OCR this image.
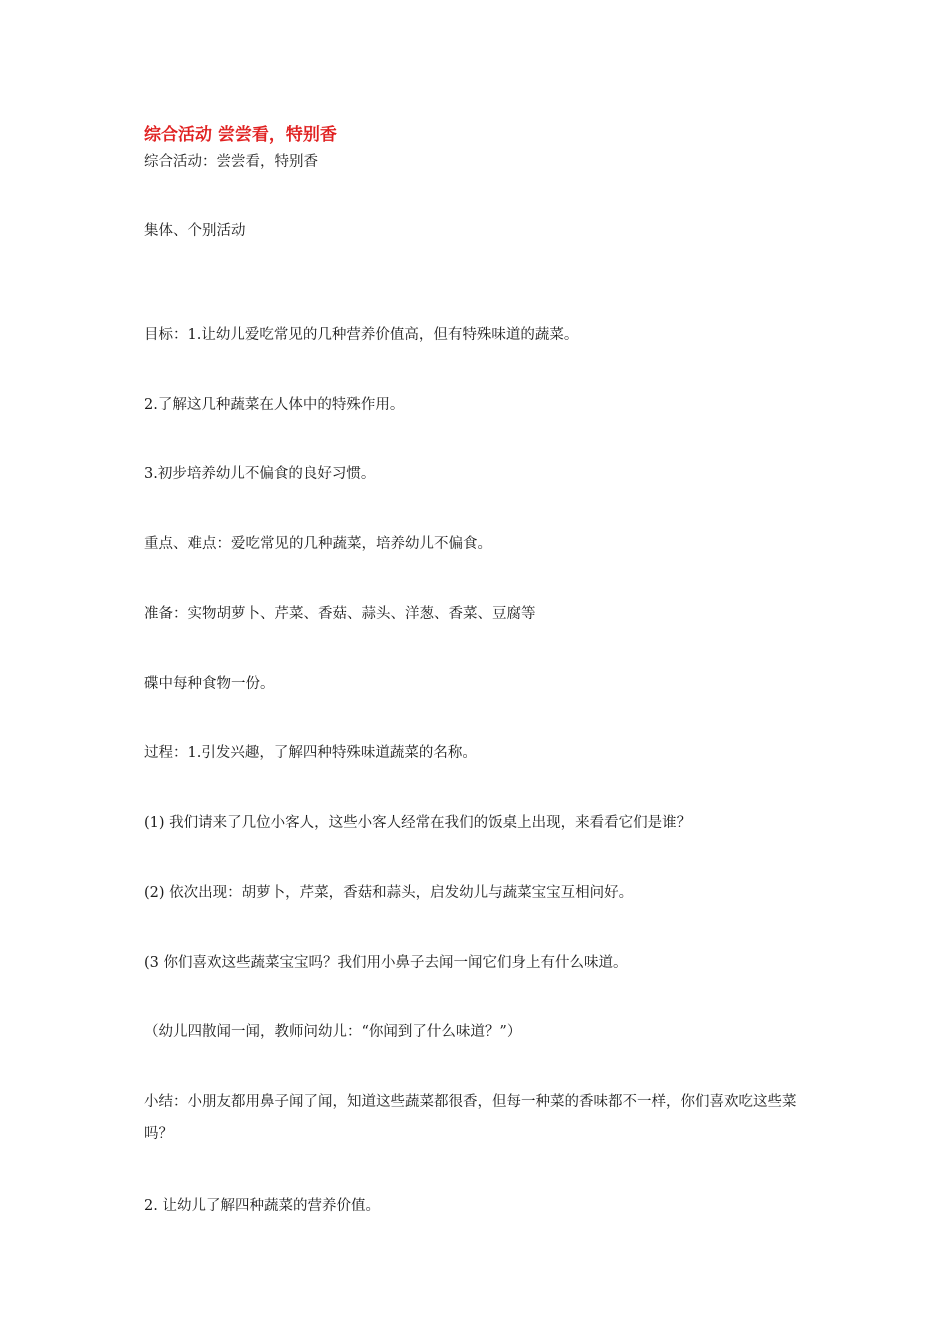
综合活动 尝尝看，特别香
综合活动：尝尝看，特别香
集体、个别活动
目标：1.让幼儿爱吃常见的几种营养价值高，但有特殊味道的蔬菜。
2.了解这几种蔬菜在人体中的特殊作用。
3.初步培养幼儿不偏食的良好习惯。
重点、难点：爱吃常见的几种蔬菜，培养幼儿不偏食。
准备：实物胡萝卜、芹菜、香菇、蒜头、洋葱、香菜、豆腐等
碟中每种食物一份。
过程：1.引发兴趣，了解四种特殊味道蔬菜的名称。
(1) 我们请来了几位小客人，这些小客人经常在我们的饭桌上出现，来看看它们是谁？
(2) 依次出现：胡萝卜，芹菜，香菇和蒜头，启发幼儿与蔬菜宝宝互相问好。
(3 你们喜欢这些蔬菜宝宝吗？我们用小鼻子去闻一闻它们身上有什么味道。
（幼儿四散闻一闻，教师问幼儿：“你闻到了什么味道？”）
小结：小朋友都用鼻子闻了闻，知道这些蔬菜都很香，但每一种菜的香味都不一样，你们喜欢吃这些菜吗？
2. 让幼儿了解四种蔬菜的营养价值。
